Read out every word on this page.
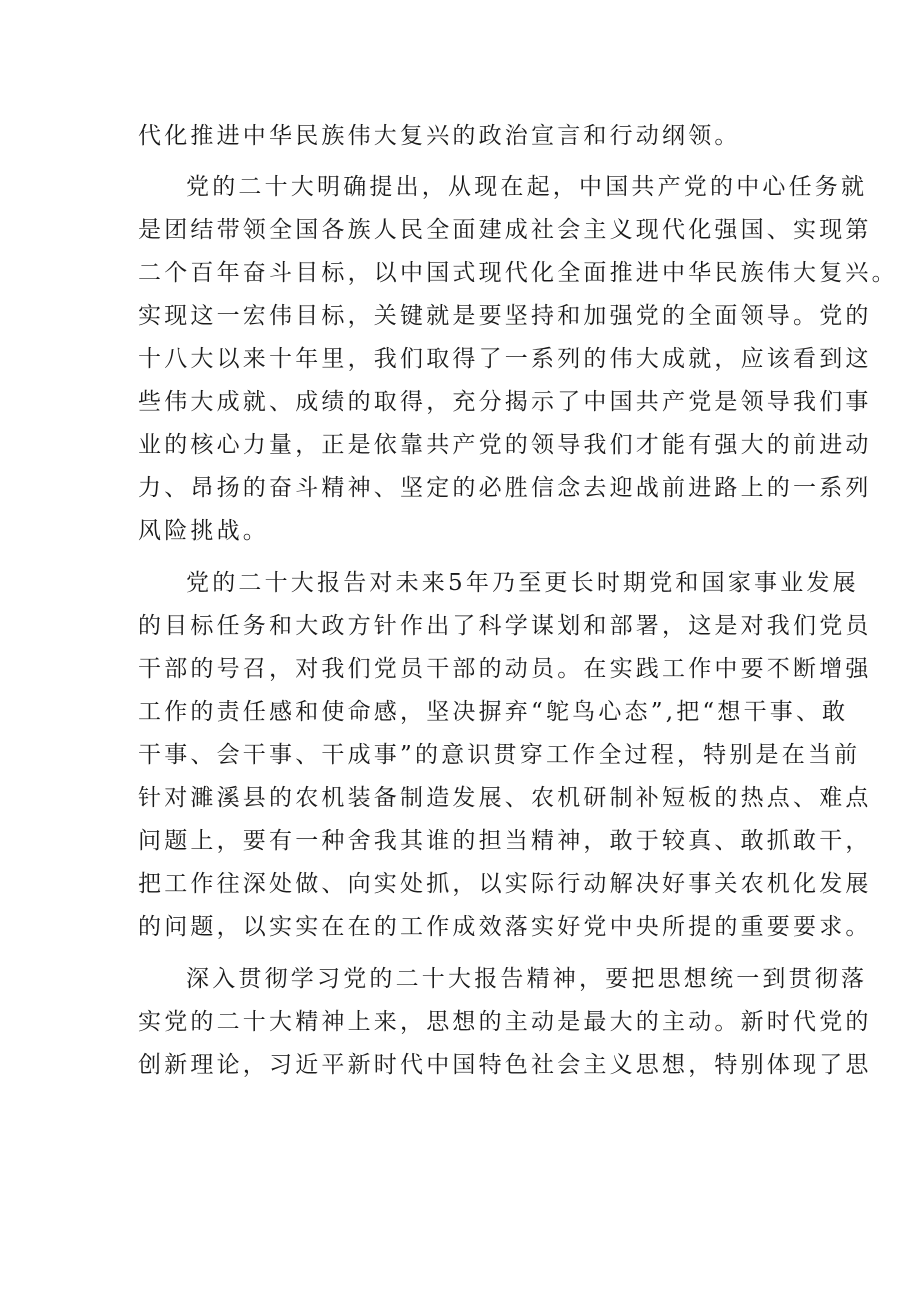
代化推进中华民族伟大复兴的政治宣言和行动纲领。
党的二十大明确提出，从现在起，中国共产党的中心任务就
是团结带领全国各族人民全面建成社会主义现代化强国、实现第
二个百年奋斗目标，以中国式现代化全面推进中华民族伟大复兴。
实现这一宏伟目标，关键就是要坚持和加强党的全面领导。党的
十八大以来十年里，我们取得了一系列的伟大成就，应该看到这
些伟大成就、成绩的取得，充分揭示了中国共产党是领导我们事
业的核心力量，正是依靠共产党的领导我们才能有强大的前进动
力、昂扬的奋斗精神、坚定的必胜信念去迎战前进路上的一系列
风险挑战。
党的二十大报告对未来5年乃至更长时期党和国家事业发展
的目标任务和大政方针作出了科学谋划和部署，这是对我们党员
干部的号召，对我们党员干部的动员。在实践工作中要不断增强
工作的责任感和使命感，坚决摒弃“鸵鸟心态”,把“想干事、敢
干事、会干事、干成事”的意识贯穿工作全过程，特别是在当前
针对濉溪县的农机装备制造发展、农机研制补短板的热点、难点
问题上，要有一种舍我其谁的担当精神，敢于较真、敢抓敢干，
把工作往深处做、向实处抓，以实际行动解决好事关农机化发展
的问题，以实实在在的工作成效落实好党中央所提的重要要求。
深入贯彻学习党的二十大报告精神，要把思想统一到贯彻落
实党的二十大精神上来，思想的主动是最大的主动。新时代党的
创新理论，习近平新时代中国特色社会主义思想，特别体现了思
